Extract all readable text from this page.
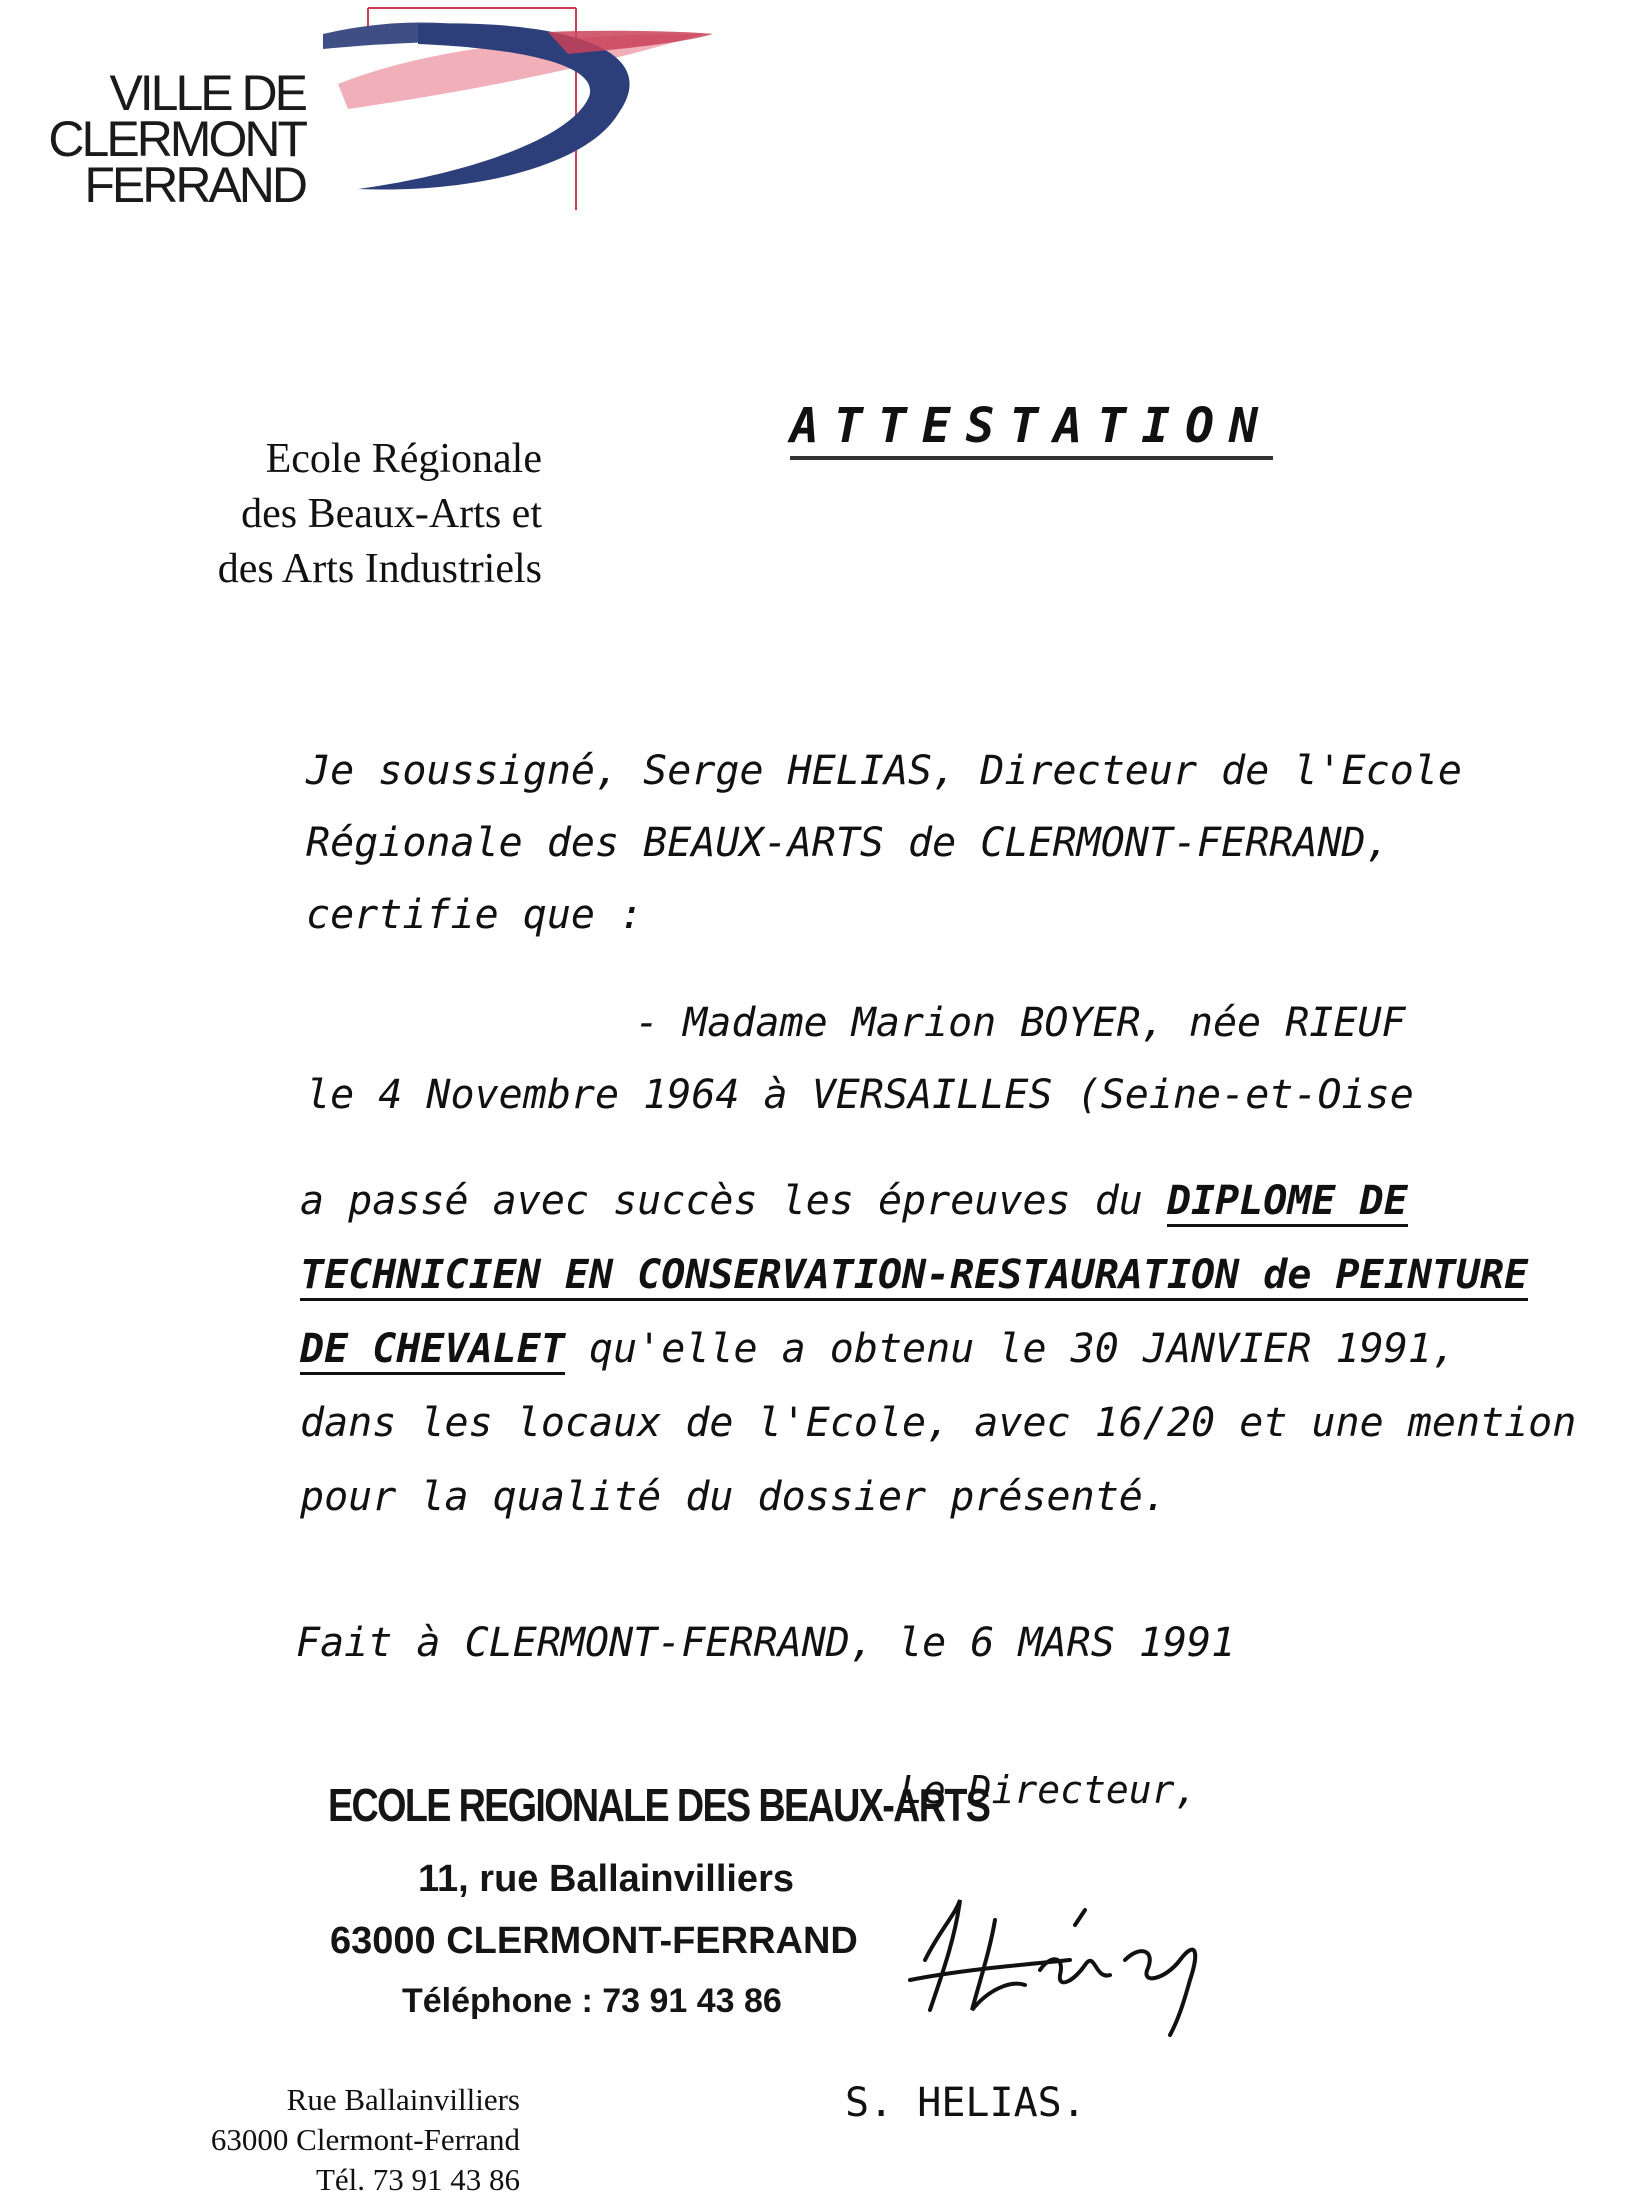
VILLE DE
CLERMONT
FERRAND
Ecole Régionale
des Beaux-Arts et
des Arts Industriels
ATTESTATION
Je soussigné, Serge HELIAS, Directeur de l'Ecole
Régionale des BEAUX-ARTS de CLERMONT-FERRAND,
certifie que :
- Madame Marion BOYER, née RIEUF
le 4 Novembre 1964 à VERSAILLES (Seine-et-Oise
a passé avec succès les épreuves du DIPLOME DE
TECHNICIEN EN CONSERVATION-RESTAURATION de PEINTURE
DE CHEVALET qu'elle a obtenu le 30 JANVIER 1991,
dans les locaux de l'Ecole, avec 16/20 et une mention
pour la qualité du dossier présenté.
Fait à CLERMONT-FERRAND, le 6 MARS 1991
ECOLE REGIONALE DES BEAUX-ARTS
11, rue Ballainvilliers
63000 CLERMONT-FERRAND
Téléphone : 73 91 43 86
Le Directeur,
S. HELIAS.
Rue Ballainvilliers
63000 Clermont-Ferrand
Tél. 73 91 43 86
